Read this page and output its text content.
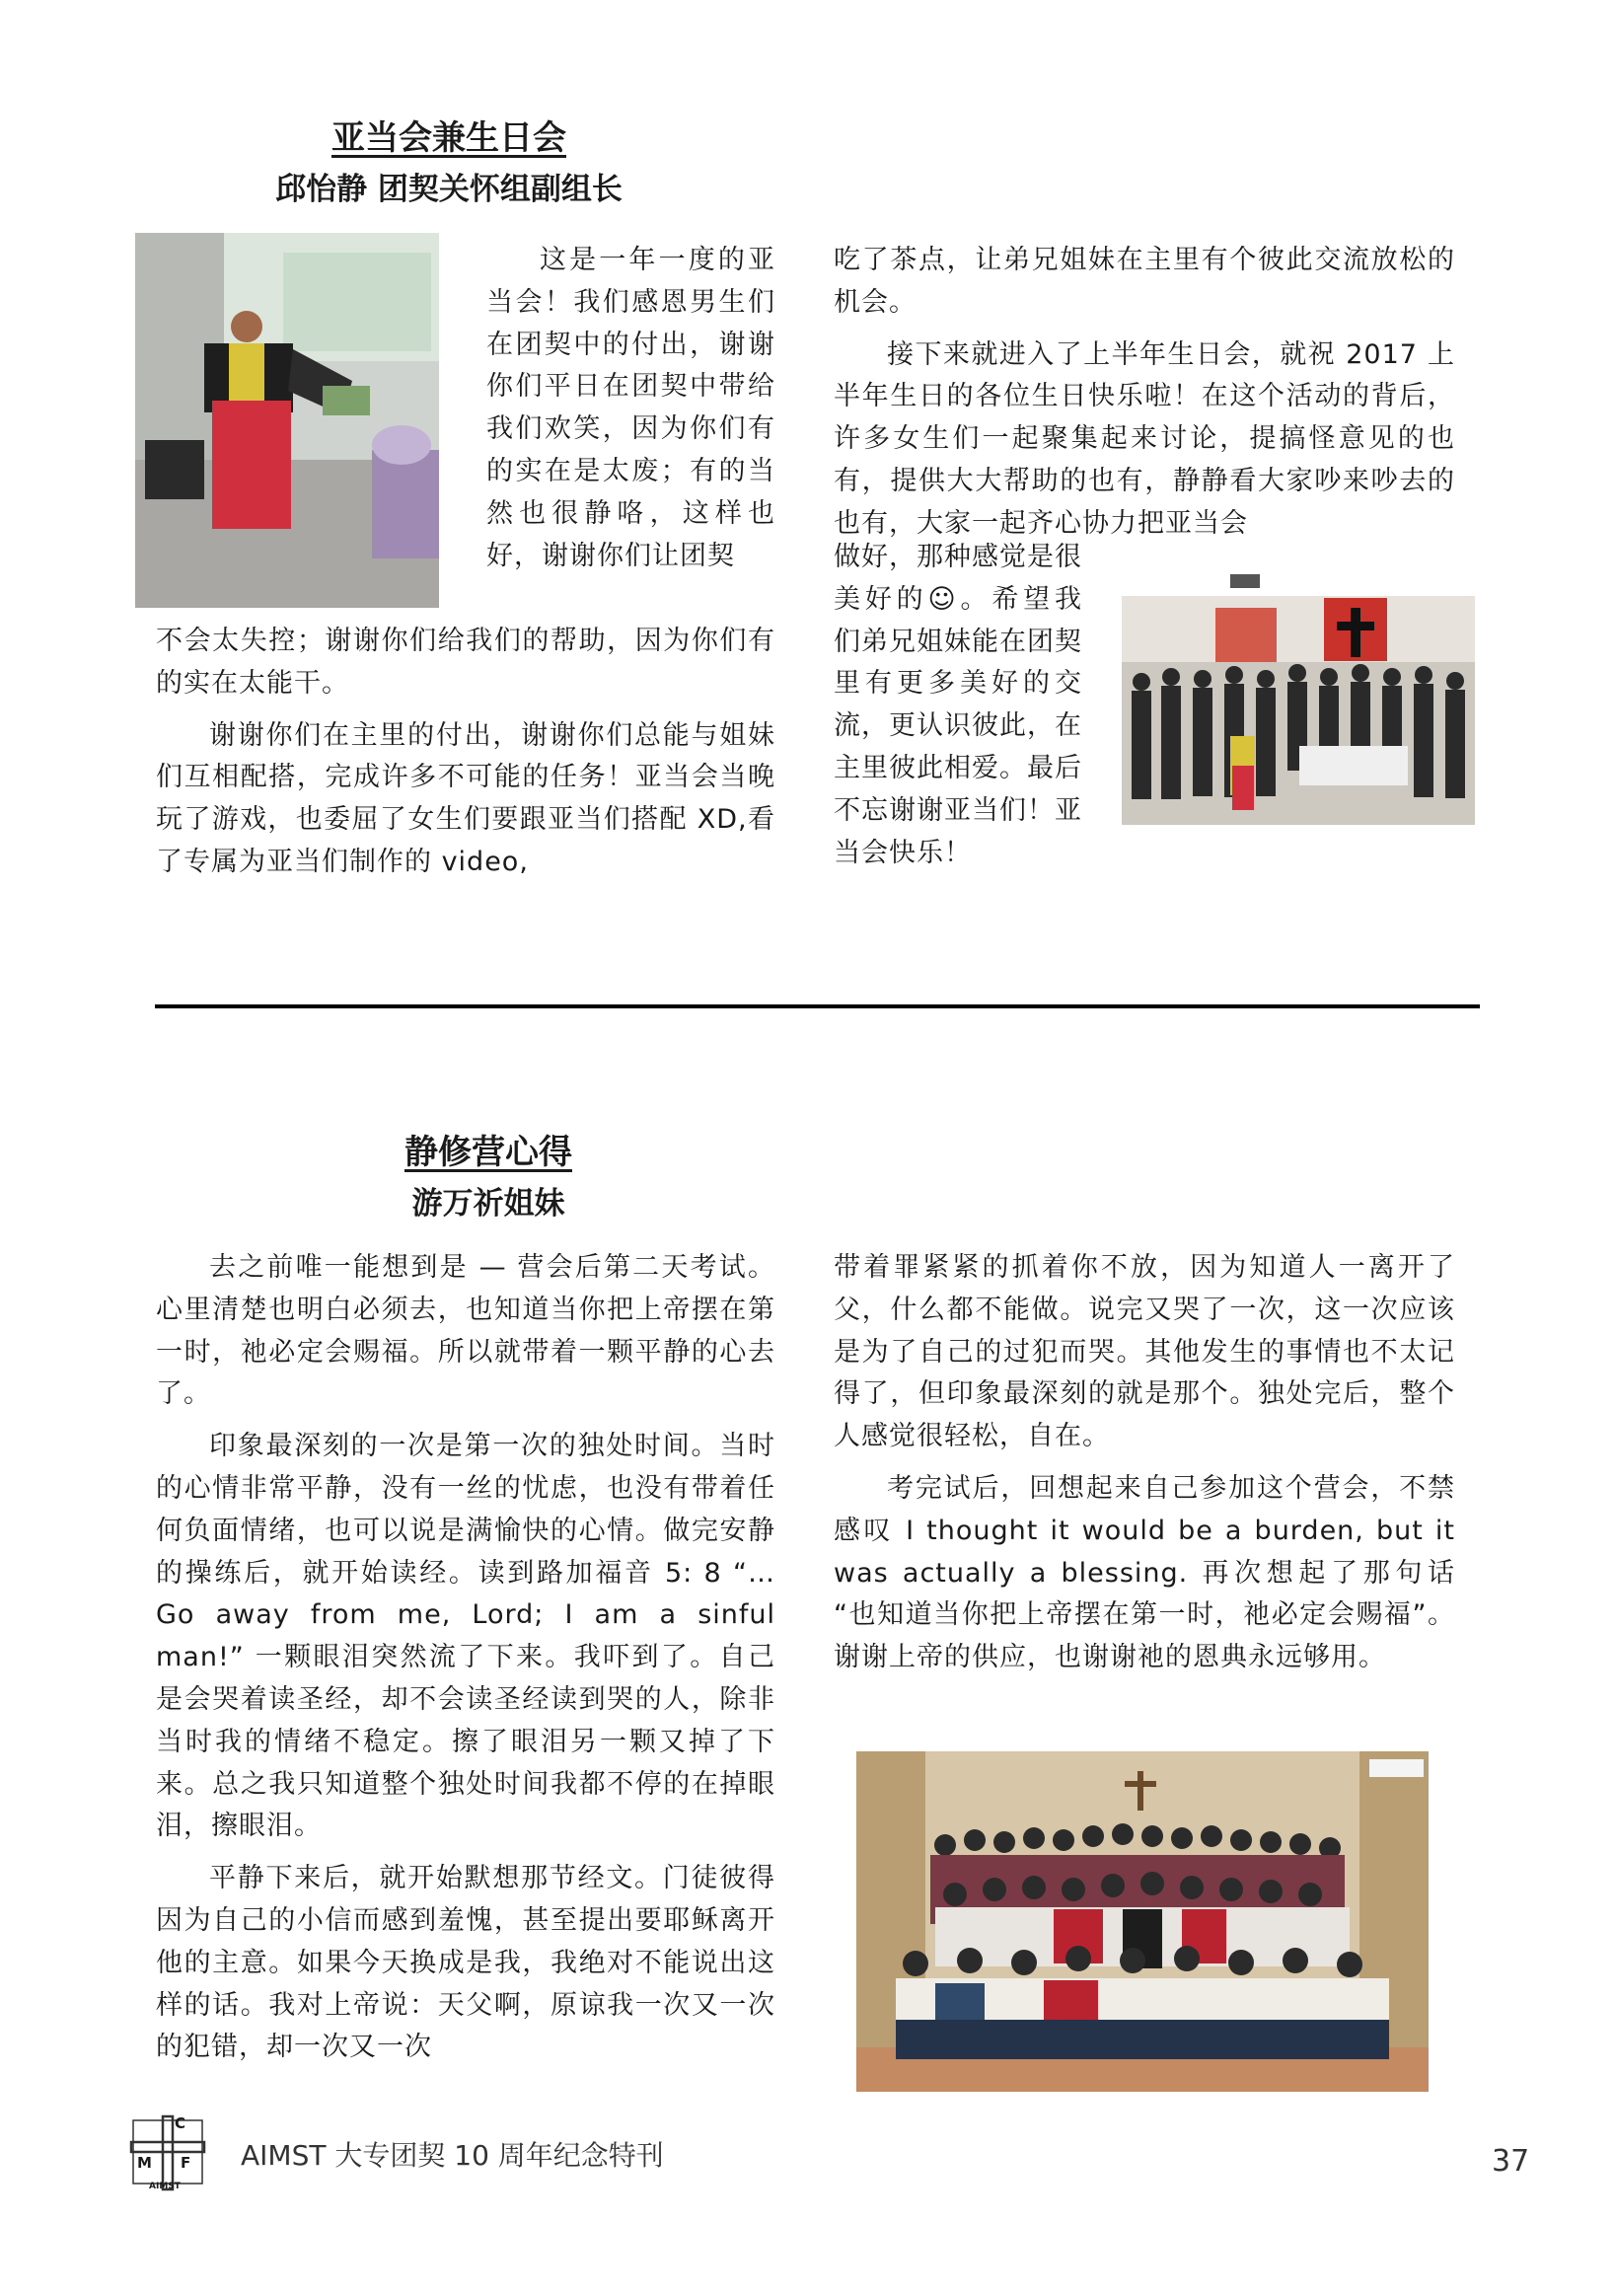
亚当会兼生日会
邱怡静 团契关怀组副组长

这是一年一度的亚当会！我们感恩男生们在团契中的付出，谢谢你们平日在团契中带给我们欢笑，因为你们有的实在是太废；有的当然也很静咯，这样也好，谢谢你们让团契

不会太失控；谢谢你们给我们的帮助，因为你们有的实在太能干。

谢谢你们在主里的付出，谢谢你们总能与姐妹们互相配搭，完成许多不可能的任务！亚当会当晚玩了游戏，也委屈了女生们要跟亚当们搭配 XD,看了专属为亚当们制作的 video,

吃了茶点，让弟兄姐妹在主里有个彼此交流放松的机会。

接下来就进入了上半年生日会，就祝 2017 上半年生日的各位生日快乐啦！在这个活动的背后，许多女生们一起聚集起来讨论，提搞怪意见的也有，提供大大帮助的也有，静静看大家吵来吵去的也有，大家一起齐心协力把亚当会

做好，那种感觉是很美好的☺。希望我们弟兄姐妹能在团契里有更多美好的交流，更认识彼此，在主里彼此相爱。最后不忘谢谢亚当们！亚当会快乐！

静修营心得
游万祈姐妹

去之前唯一能想到是 — 营会后第二天考试。心里清楚也明白必须去，也知道当你把上帝摆在第一时，祂必定会赐福。所以就带着一颗平静的心去了。

印象最深刻的一次是第一次的独处时间。当时的心情非常平静，没有一丝的忧虑，也没有带着任何负面情绪，也可以说是满愉快的心情。做完安静的操练后，就开始读经。读到路加福音 5: 8 “…Go away from me, Lord; I am a sinful man!” 一颗眼泪突然流了下来。我吓到了。自己是会哭着读圣经，却不会读圣经读到哭的人，除非当时我的情绪不稳定。擦了眼泪另一颗又掉了下来。总之我只知道整个独处时间我都不停的在掉眼泪，擦眼泪。

平静下来后，就开始默想那节经文。门徒彼得因为自己的小信而感到羞愧，甚至提出要耶稣离开他的主意。如果今天换成是我，我绝对不能说出这样的话。我对上帝说：天父啊，原谅我一次又一次的犯错，却一次又一次

带着罪紧紧的抓着你不放，因为知道人一离开了父，什么都不能做。说完又哭了一次，这一次应该是为了自己的过犯而哭。其他发生的事情也不太记得了，但印象最深刻的就是那个。独处完后，整个人感觉很轻松，自在。

考完试后，回想起来自己参加这个营会，不禁感叹 I thought it would be a burden, but it was actually a blessing. 再次想起了那句话 “也知道当你把上帝摆在第一时，祂必定会赐福”。谢谢上帝的供应，也谢谢祂的恩典永远够用。

C
M F
AIMST
AIMST 大专团契 10 周年纪念特刊	37
